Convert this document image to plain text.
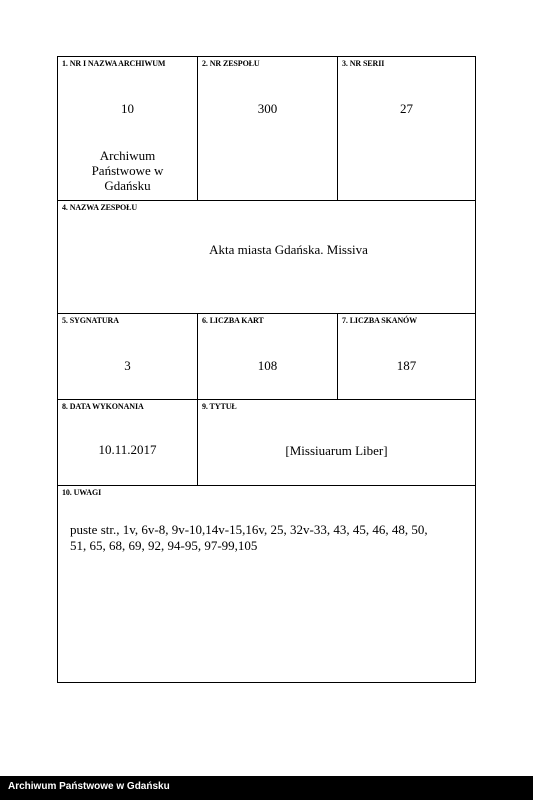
1. NR I NAZWA ARCHIWUM
10
Archiwum
Państwowe w
Gdańsku
2. NR ZESPOŁU
300
3. NR SERII
27
4. NAZWA ZESPOŁU
Akta miasta Gdańska. Missiva
5. SYGNATURA
3
6. LICZBA KART
108
7. LICZBA SKANÓW
187
8. DATA WYKONANIA
10.11.2017
9. TYTUŁ
[Missiuarum Liber]
10. UWAGI
puste str., 1v, 6v-8, 9v-10,14v-15,16v, 25, 32v-33, 43, 45, 46, 48, 50,
51, 65, 68, 69, 92, 94-95, 97-99,105
Archiwum Państwowe w Gdańsku
